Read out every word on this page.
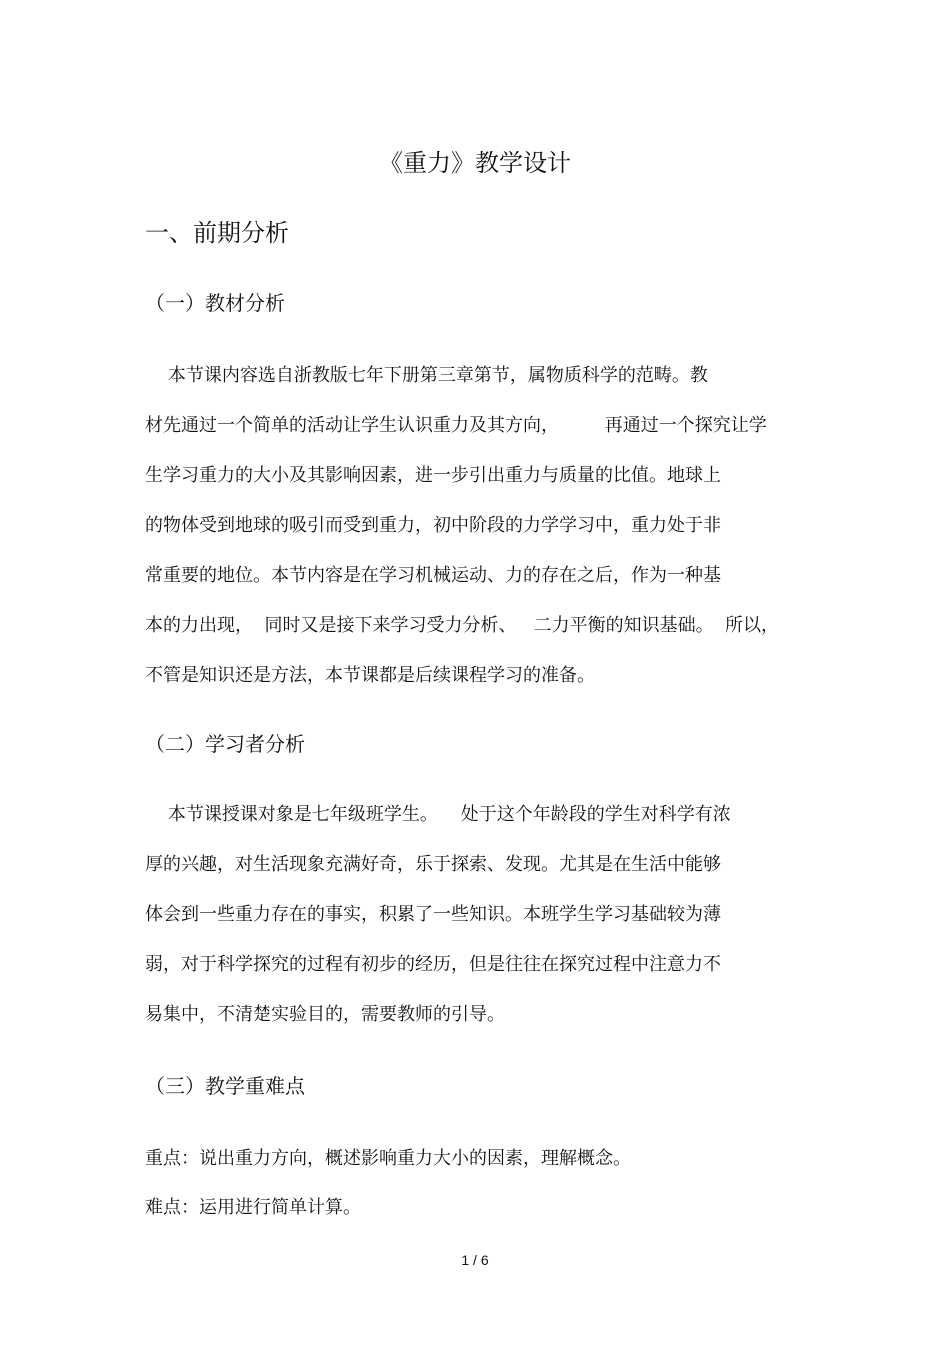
《重力》教学设计
一、前期分析
（一）教材分析
本节课内容选自浙教版七年下册第三章第节，属物质科学的范畴。教
材先通过一个简单的活动让学生认识重力及其方向，        再通过一个探究让学
生学习重力的大小及其影响因素，进一步引出重力与质量的比值。地球上
的物体受到地球的吸引而受到重力，初中阶段的力学学习中，重力处于非
常重要的地位。本节内容是在学习机械运动、力的存在之后，作为一种基
本的力出现，  同时又是接下来学习受力分析、   二力平衡的知识基础。  所以，
不管是知识还是方法，本节课都是后续课程学习的准备。
（二）学习者分析
本节课授课对象是七年级班学生。    处于这个年龄段的学生对科学有浓
厚的兴趣，对生活现象充满好奇，乐于探索、发现。尤其是在生活中能够
体会到一些重力存在的事实，积累了一些知识。本班学生学习基础较为薄
弱，对于科学探究的过程有初步的经历，但是往往在探究过程中注意力不
易集中，不清楚实验目的，需要教师的引导。
（三）教学重难点

重点：说出重力方向，概述影响重力大小的因素，理解概念。

难点：运用进行简单计算。

1 / 6
